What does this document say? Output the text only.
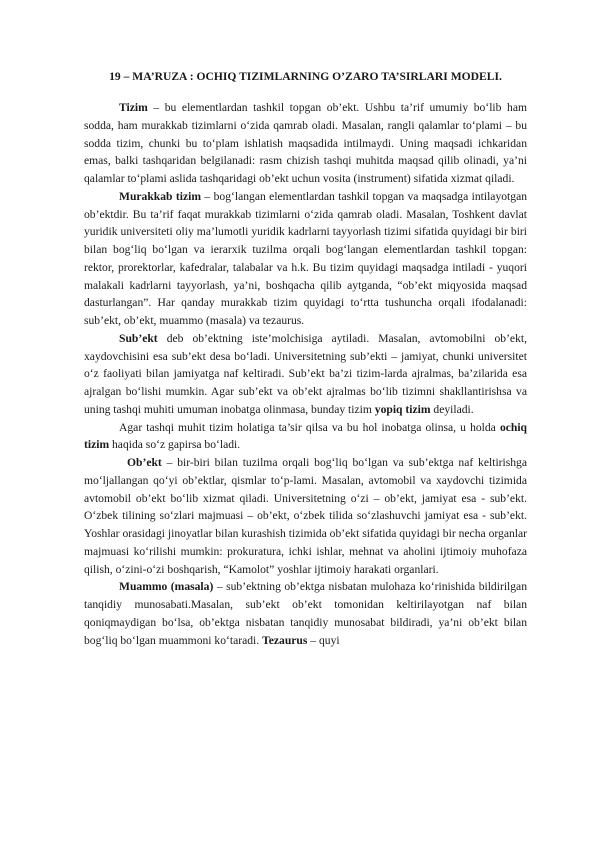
19 – MA’RUZA : OCHIQ TIZIMLARNING O’ZARO TA’SIRLARI MODELI.

Tizim – bu elementlardan tashkil topgan ob’ekt. Ushbu ta’rif umumiy bo‘lib ham sodda, ham murakkab tizimlarni o‘zida qamrab oladi. Masalan, rangli qalamlar to‘plami – bu sodda tizim, chunki bu to‘plam ishlatish maqsadida intilmaydi. Uning maqsadi ichkaridan emas, balki tashqaridan belgilanadi: rasm chizish tashqi muhitda maqsad qilib olinadi, ya’ni qalamlar to‘plami aslida tashqaridagi ob’ekt uchun vosita (instrument) sifatida xizmat qiladi.

Murakkab tizim – bog‘langan elementlardan tashkil topgan va maqsadga intilayotgan ob’ektdir. Bu ta’rif faqat murakkab tizimlarni o‘zida qamrab oladi. Masalan, Toshkent davlat yuridik universiteti oliy ma’lumotli yuridik kadrlarni tayyorlash tizimi sifatida quyidagi bir biri bilan bog‘liq bo‘lgan va ierarxik tuzilma orqali bog‘langan elementlardan tashkil topgan: rektor, prorektorlar, kafedralar, talabalar va h.k. Bu tizim quyidagi maqsadga intiladi - yuqori malakali kadrlarni tayyorlash, ya’ni, boshqacha qilib aytganda, “ob’ekt miqyosida maqsad dasturlangan”. Har qanday murakkab tizim quyidagi to‘rtta tushuncha orqali ifodalanadi: sub’ekt, ob’ekt, muammo (masala) va tezaurus.

Sub’ekt deb ob’ektning iste’molchisiga aytiladi. Masalan, avtomobilni ob’ekt, xaydovchisini esa sub’ekt desa bo‘ladi. Universitetning sub’ekti – jamiyat, chunki universitet o‘z faoliyati bilan jamiyatga naf keltiradi. Sub’ekt ba’zi tizim-larda ajralmas, ba’zilarida esa ajralgan bo‘lishi mumkin. Agar sub’ekt va ob’ekt ajralmas bo‘lib tizimni shakllantirishsa va uning tashqi muhiti umuman inobatga olinmasa, bunday tizim yopiq tizim deyiladi.

Agar tashqi muhit tizim holatiga ta’sir qilsa va bu hol inobatga olinsa, u holda ochiq tizim haqida so‘z gapirsa bo‘ladi.

Ob’ekt – bir-biri bilan tuzilma orqali bog‘liq bo‘lgan va sub’ektga naf keltirishga mo‘ljallangan qo‘yi ob’ektlar, qismlar to‘p-lami. Masalan, avtomobil va xaydovchi tizimida avtomobil ob’ekt bo‘lib xizmat qiladi. Universitetning o‘zi – ob’ekt, jamiyat esa - sub’ekt. O‘zbek tilining so‘zlari majmuasi – ob’ekt, o‘zbek tilida so‘zlashuvchi jamiyat esa - sub’ekt. Yoshlar orasidagi jinoyatlar bilan kurashish tizimida ob’ekt sifatida quyidagi bir necha organlar majmuasi ko‘rilishi mumkin: prokuratura, ichki ishlar, mehnat va aholini ijtimoiy muhofaza qilish, o‘zini-o‘zi boshqarish, “Kamolot” yoshlar ijtimoiy harakati organlari.

Muammo (masala) – sub’ektning ob’ektga nisbatan mulohaza ko‘rinishida bildirilgan tanqidiy munosabati.Masalan, sub’ekt ob’ekt tomonidan keltirilayotgan naf bilan qoniqmaydigan bo‘lsa, ob’ektga nisbatan tanqidiy munosabat bildiradi, ya’ni ob’ekt bilan bog‘liq bo‘lgan muammoni ko‘taradi. Tezaurus – quyi
